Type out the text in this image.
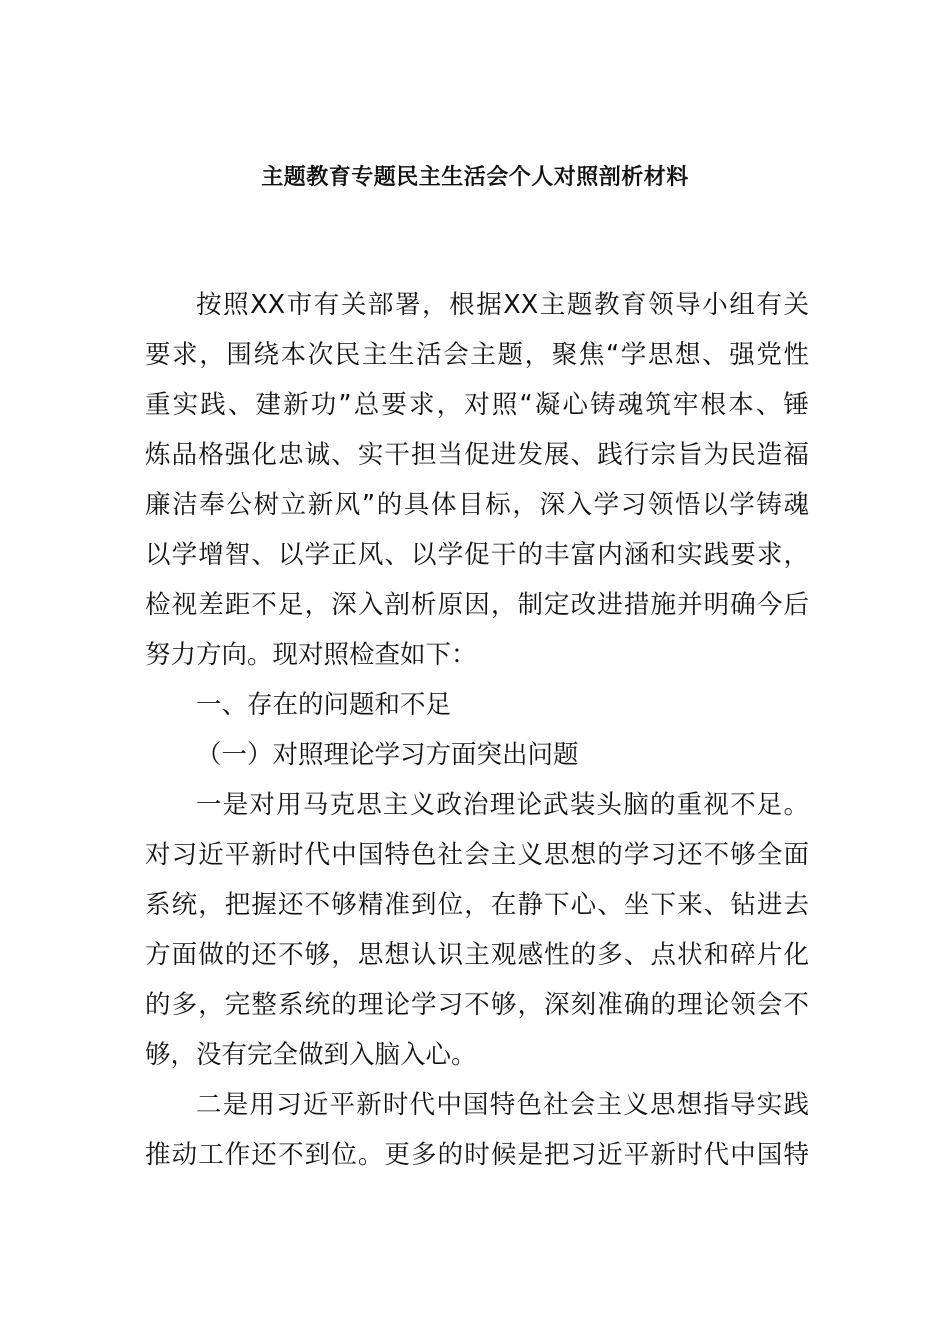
主题教育专题民主生活会个人对照剖析材料
按照XX市有关部署，根据XX主题教育领导小组有关
要求，围绕本次民主生活会主题，聚焦“学思想、强党性
重实践、建新功”总要求，对照“凝心铸魂筑牢根本、锤
炼品格强化忠诚、实干担当促进发展、践行宗旨为民造福
廉洁奉公树立新风”的具体目标，深入学习领悟以学铸魂
以学增智、以学正风、以学促干的丰富内涵和实践要求，
检视差距不足，深入剖析原因，制定改进措施并明确今后
努力方向。现对照检查如下：
一、存在的问题和不足
（一）对照理论学习方面突出问题
一是对用马克思主义政治理论武装头脑的重视不足。
对习近平新时代中国特色社会主义思想的学习还不够全面
系统，把握还不够精准到位，在静下心、坐下来、钻进去
方面做的还不够，思想认识主观感性的多、点状和碎片化
的多，完整系统的理论学习不够，深刻准确的理论领会不
够，没有完全做到入脑入心。
二是用习近平新时代中国特色社会主义思想指导实践
推动工作还不到位。更多的时候是把习近平新时代中国特
